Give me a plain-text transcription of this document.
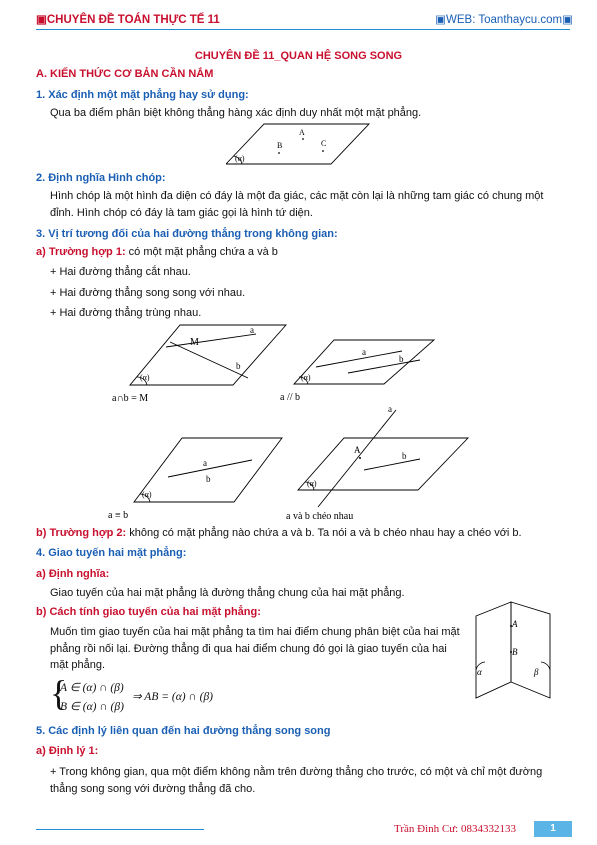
▣CHUYÊN ĐỀ TOÁN THỰC TẾ 11	▣WEB: Toanthaycu.com▣
CHUYÊN ĐỀ 11_QUAN HỆ SONG SONG
A. KIẾN THỨC CƠ BẢN CẦN NẮM
1. Xác định một mặt phẳng hay sử dụng:
Qua ba điểm phân biệt không thẳng hàng xác định duy nhất một mặt phẳng.
(α)
A
B	C
2. Định nghĩa Hình chóp:
Hình chóp là một hình đa diện có đáy là một đa giác, các mặt còn lại là những tam giác có chung một
đỉnh. Hình chóp có đáy là tam giác gọi là hình tứ diện.
3. Vị trí tương đối của hai đường thẳng trong không gian:
a) Trường hợp 1: có một mặt phẳng chứa a và b
+ Hai đường thẳng cắt nhau.
+ Hai đường thẳng song song với nhau.
+ Hai đường thẳng trùng nhau.
M
a
b
(α)
a∩b = M
a
b
(α)
a // b
a
b
(α)
a ≡ b
a
A
b
(α)
a và b chéo nhau
b) Trường hợp 2: không có mặt phẳng nào chứa a và b. Ta nói a và b chéo nhau hay a chéo với b.
4. Giao tuyến hai mặt phẳng:
a) Định nghĩa:
Giao tuyến của hai mặt phẳng là đường thẳng chung của hai mặt phẳng.
b) Cách tính giao tuyến của hai mặt phẳng:
Muốn tìm giao tuyến của hai mặt phẳng ta tìm hai điểm chung phân biệt của hai mặt
phẳng rồi nối lại. Đường thẳng đi qua hai điểm chung đó gọi là giao tuyến của hai
mặt phẳng.
A
B
α	β
{
A ∈ (α) ∩ (β)
B ∈ (α) ∩ (β)
⇒ AB = (α) ∩ (β)
5. Các định lý liên quan đến hai đường thẳng song song
a) Định lý 1:
+ Trong không gian, qua một điểm không nằm trên đường thẳng cho trước, có một và chỉ một đường
thẳng song song với đường thẳng đã cho.
Trần Đình Cư: 0834332133	1
